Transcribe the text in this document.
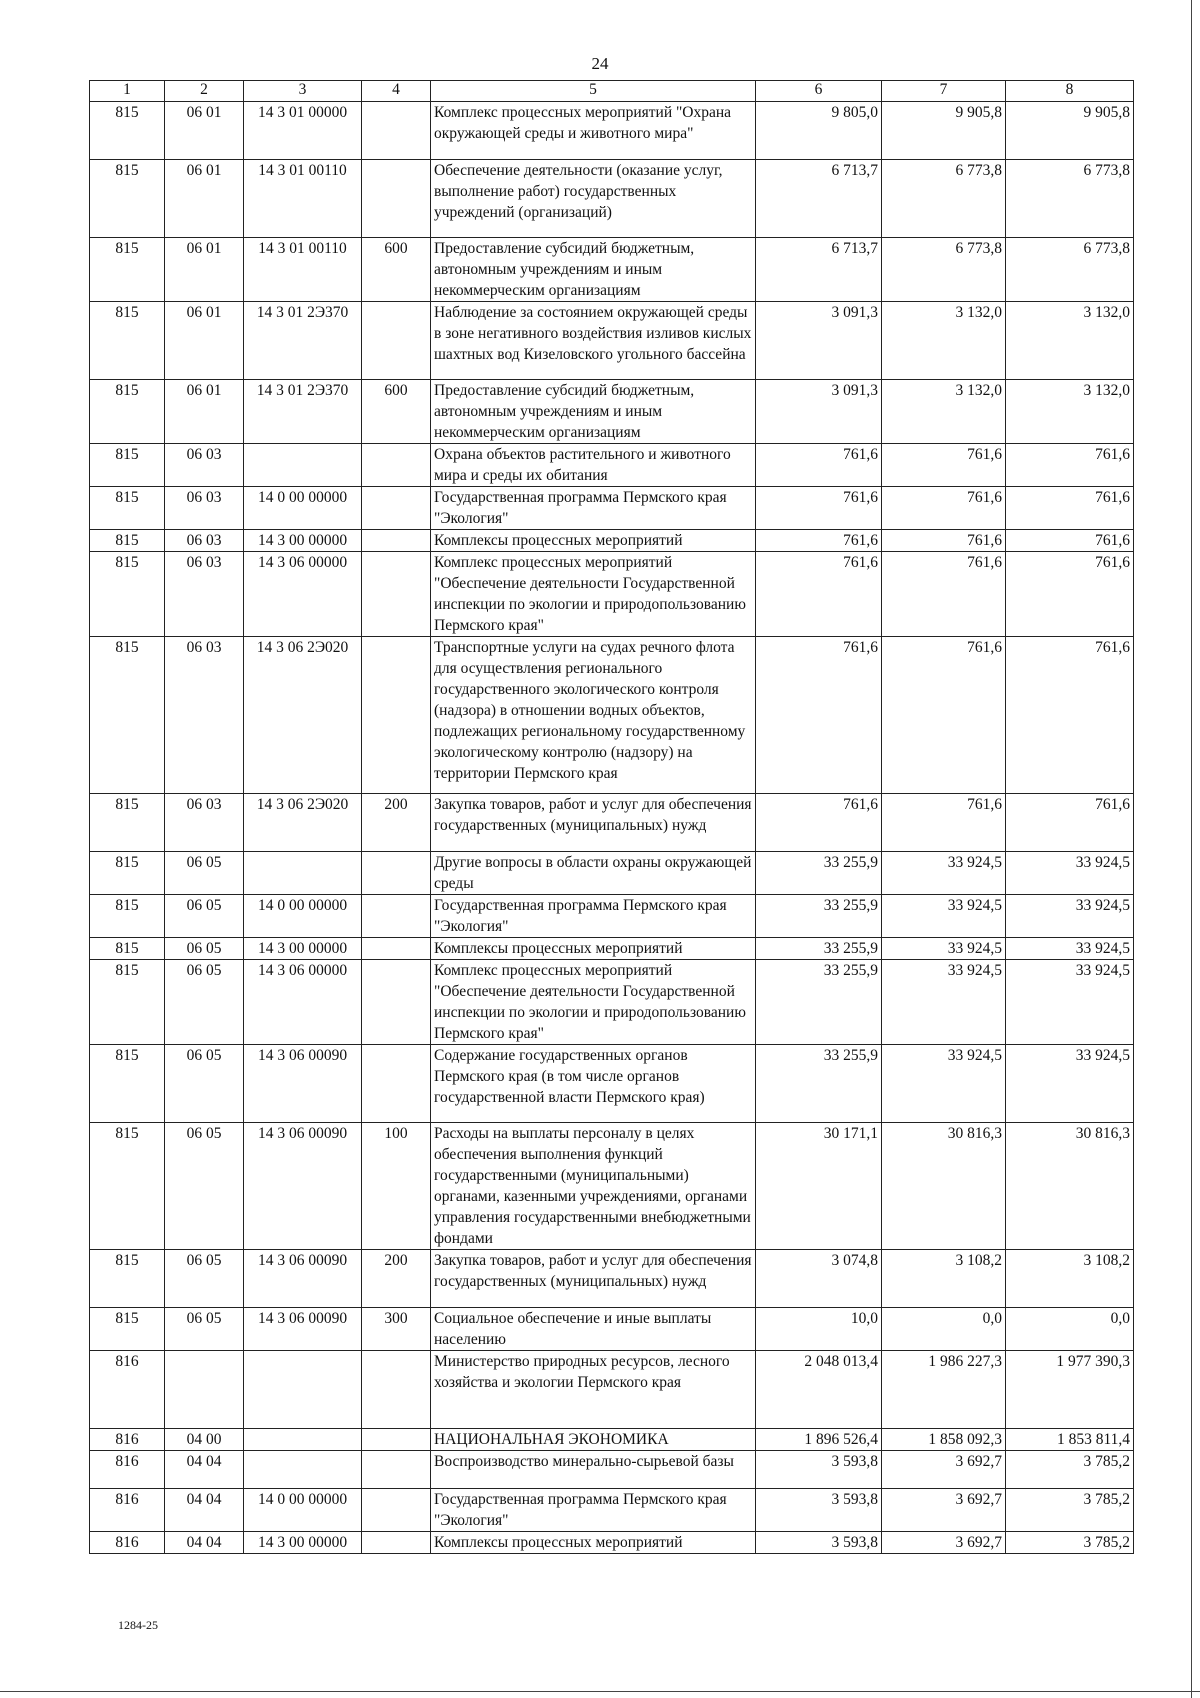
24
1	2	3	4	5	6	7	8
815	06 01	14 3 01 00000		Комплекс процессных мероприятий "Охрана окружающей среды и животного мира"	9 805,0	9 905,8	9 905,8
815	06 01	14 3 01 00110		Обеспечение деятельности (оказание услуг, выполнение работ) государственных учреждений (организаций)	6 713,7	6 773,8	6 773,8
815	06 01	14 3 01 00110	600	Предоставление субсидий бюджетным, автономным учреждениям и иным некоммерческим организациям	6 713,7	6 773,8	6 773,8
815	06 01	14 3 01 2Э370		Наблюдение за состоянием окружающей среды в зоне негативного воздействия изливов кислых шахтных вод Кизеловского угольного бассейна	3 091,3	3 132,0	3 132,0
815	06 01	14 3 01 2Э370	600	Предоставление субсидий бюджетным, автономным учреждениям и иным некоммерческим организациям	3 091,3	3 132,0	3 132,0
815	06 03			Охрана объектов растительного и животного мира и среды их обитания	761,6	761,6	761,6
815	06 03	14 0 00 00000		Государственная программа Пермского края "Экология"	761,6	761,6	761,6
815	06 03	14 3 00 00000		Комплексы процессных мероприятий	761,6	761,6	761,6
815	06 03	14 3 06 00000		Комплекс процессных мероприятий "Обеспечение деятельности Государственной инспекции по экологии и природопользованию Пермского края"	761,6	761,6	761,6
815	06 03	14 3 06 2Э020		Транспортные услуги на судах речного флота для осуществления регионального государственного экологического контроля (надзора) в отношении водных объектов, подлежащих региональному государственному экологическому контролю (надзору) на территории Пермского края	761,6	761,6	761,6
815	06 03	14 3 06 2Э020	200	Закупка товаров, работ и услуг для обеспечения государственных (муниципальных) нужд	761,6	761,6	761,6
815	06 05			Другие вопросы в области охраны окружающей среды	33 255,9	33 924,5	33 924,5
815	06 05	14 0 00 00000		Государственная программа Пермского края "Экология"	33 255,9	33 924,5	33 924,5
815	06 05	14 3 00 00000		Комплексы процессных мероприятий	33 255,9	33 924,5	33 924,5
815	06 05	14 3 06 00000		Комплекс процессных мероприятий "Обеспечение деятельности Государственной инспекции по экологии и природопользованию Пермского края"	33 255,9	33 924,5	33 924,5
815	06 05	14 3 06 00090		Содержание государственных органов Пермского края (в том числе органов государственной власти Пермского края)	33 255,9	33 924,5	33 924,5
815	06 05	14 3 06 00090	100	Расходы на выплаты персоналу в целях обеспечения выполнения функций государственными (муниципальными) органами, казенными учреждениями, органами управления государственными внебюджетными фондами	30 171,1	30 816,3	30 816,3
815	06 05	14 3 06 00090	200	Закупка товаров, работ и услуг для обеспечения государственных (муниципальных) нужд	3 074,8	3 108,2	3 108,2
815	06 05	14 3 06 00090	300	Социальное обеспечение и иные выплаты населению	10,0	0,0	0,0
816				Министерство природных ресурсов, лесного хозяйства и экологии Пермского края	2 048 013,4	1 986 227,3	1 977 390,3
816	04 00			НАЦИОНАЛЬНАЯ ЭКОНОМИКА	1 896 526,4	1 858 092,3	1 853 811,4
816	04 04			Воспроизводство минерально-сырьевой базы	3 593,8	3 692,7	3 785,2
816	04 04	14 0 00 00000		Государственная программа Пермского края "Экология"	3 593,8	3 692,7	3 785,2
816	04 04	14 3 00 00000		Комплексы процессных мероприятий	3 593,8	3 692,7	3 785,2
1284-25
